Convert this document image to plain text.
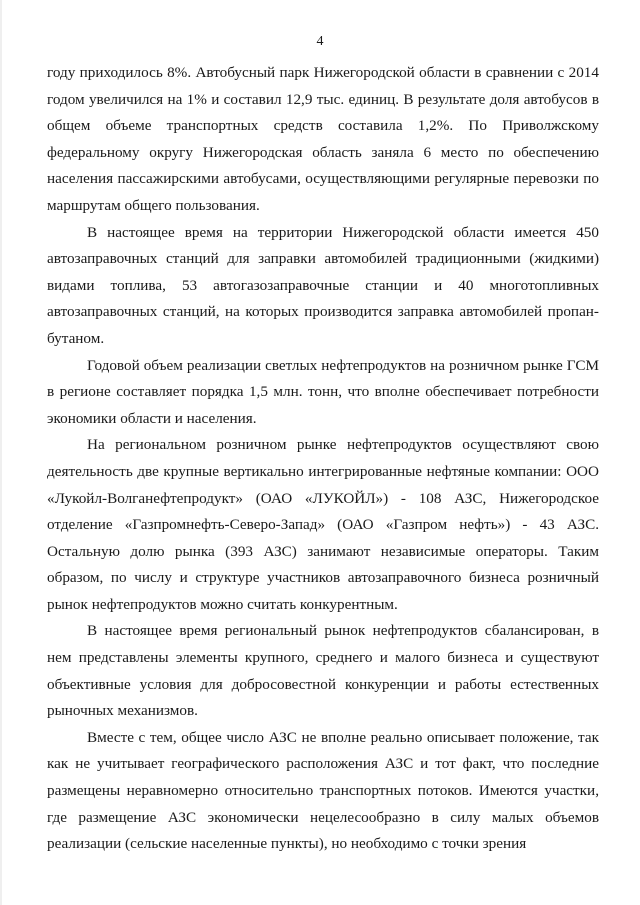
4

году приходилось 8%. Автобусный парк Нижегородской области в сравнении с 2014 годом увеличился на 1% и составил 12,9 тыс. единиц. В результате доля автобусов в общем объеме транспортных средств составила 1,2%. По Приволжскому федеральному округу Нижегородская область заняла 6 место по обеспечению населения пассажирскими автобусами, осуществляющими регулярные перевозки по маршрутам общего пользования.

В настоящее время на территории Нижегородской области имеется 450 автозаправочных станций для заправки автомобилей традиционными (жидкими) видами топлива, 53 автогазозаправочные станции и 40 многотопливных автозаправочных станций, на которых производится заправка автомобилей пропан-бутаном.

Годовой объем реализации светлых нефтепродуктов на розничном рынке ГСМ в регионе составляет порядка 1,5 млн. тонн, что вполне обеспечивает потребности экономики области и населения.

На региональном розничном рынке нефтепродуктов осуществляют свою деятельность две крупные вертикально интегрированные нефтяные компании: ООО «Лукойл-Волганефтепродукт» (ОАО «ЛУКОЙЛ») - 108 АЗС, Нижегородское отделение «Газпромнефть-Северо-Запад» (ОАО «Газпром нефть») - 43 АЗС. Остальную долю рынка (393 АЗС) занимают независимые операторы. Таким образом, по числу и структуре участников автозаправочного бизнеса розничный рынок нефтепродуктов можно считать конкурентным.

В настоящее время региональный рынок нефтепродуктов сбалансирован, в нем представлены элементы крупного, среднего и малого бизнеса и существуют объективные условия для добросовестной конкуренции и работы естественных рыночных механизмов.

Вместе с тем, общее число АЗС не вполне реально описывает положение, так как не учитывает географического расположения АЗС и тот факт, что последние размещены неравномерно относительно транспортных потоков. Имеются участки, где размещение АЗС экономически нецелесообразно в силу малых объемов реализации (сельские населенные пункты), но необходимо с точки зрения
